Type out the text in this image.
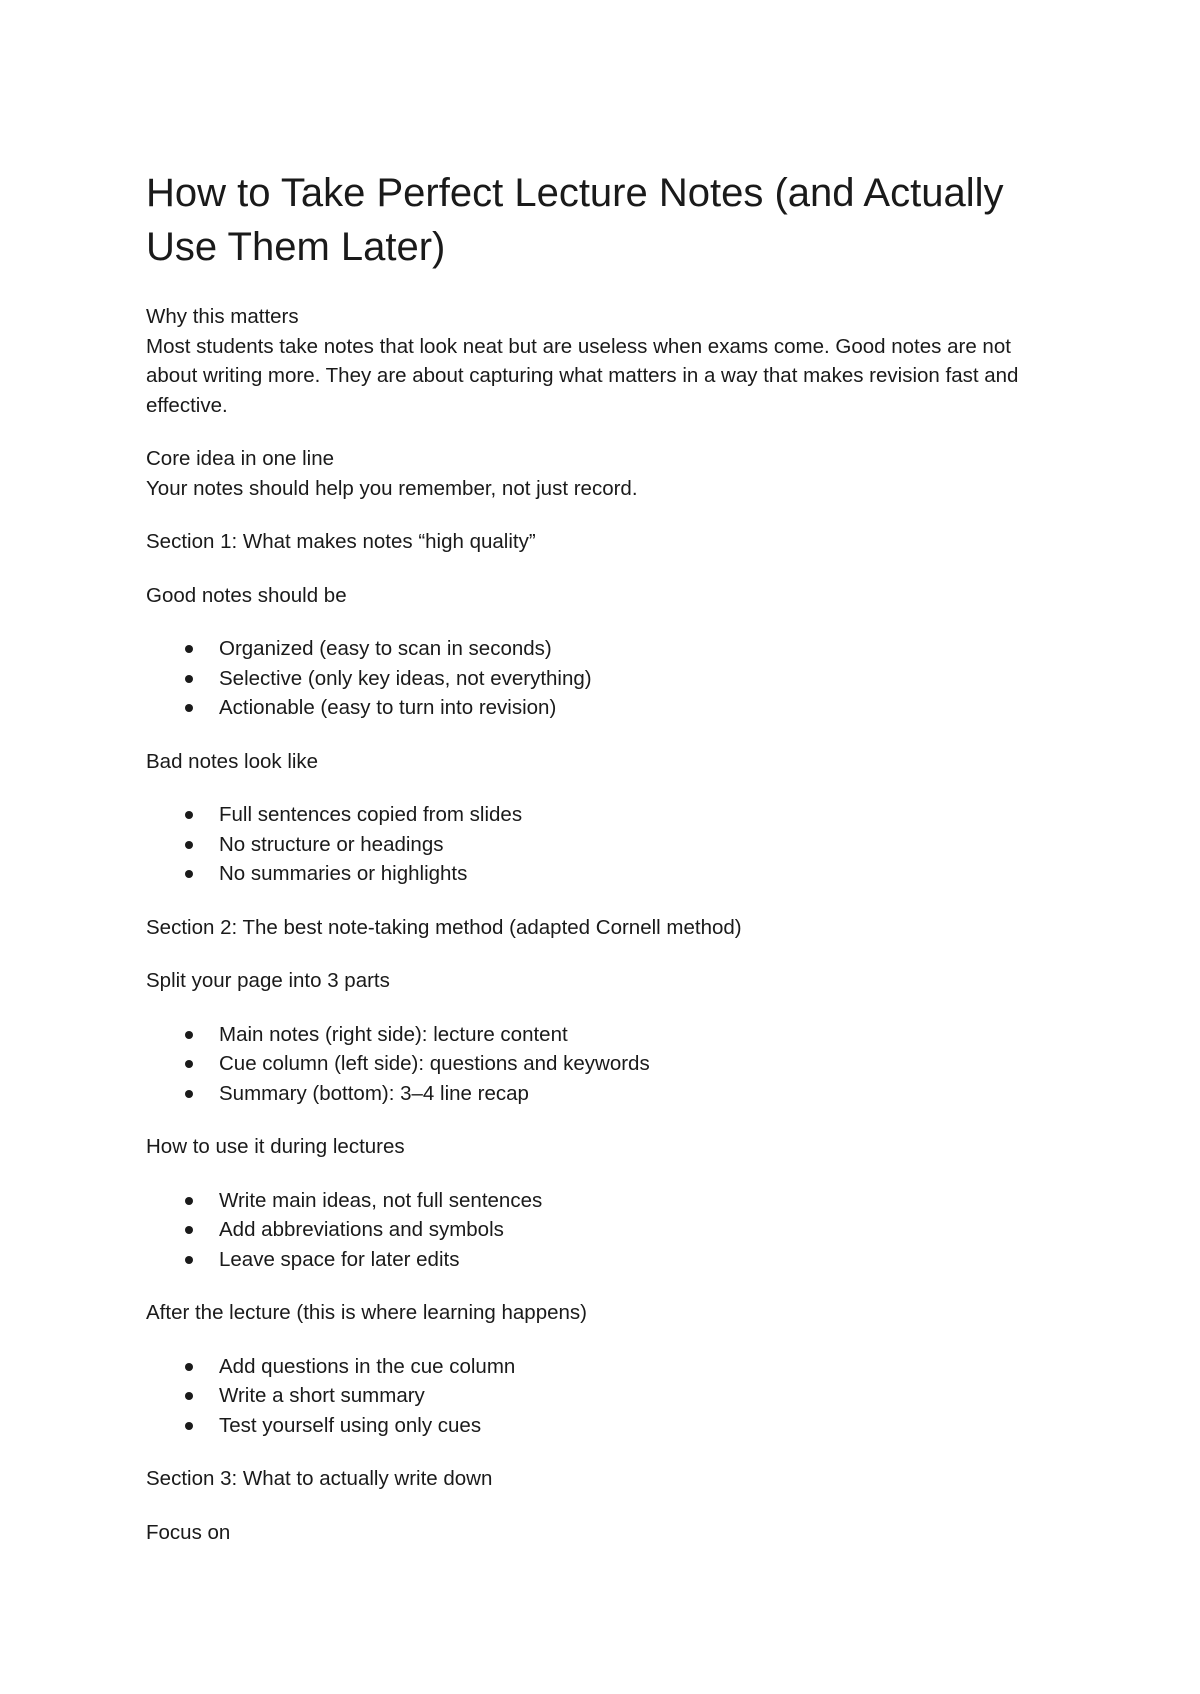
How to Take Perfect Lecture Notes (and Actually Use Them Later)

Why this matters

Most students take notes that look neat but are useless when exams come. Good notes are not about writing more. They are about capturing what matters in a way that makes revision fast and effective.

Core idea in one line

Your notes should help you remember, not just record.

Section 1: What makes notes “high quality”
Good notes should be
Organized (easy to scan in seconds)
Selective (only key ideas, not everything)
Actionable (easy to turn into revision)
Bad notes look like
Full sentences copied from slides
No structure or headings
No summaries or highlights
Section 2: The best note-taking method (adapted Cornell method)
Split your page into 3 parts
Main notes (right side): lecture content
Cue column (left side): questions and keywords
Summary (bottom): 3–4 line recap
How to use it during lectures
Write main ideas, not full sentences
Add abbreviations and symbols
Leave space for later edits
After the lecture (this is where learning happens)
Add questions in the cue column
Write a short summary
Test yourself using only cues
Section 3: What to actually write down
Focus on
